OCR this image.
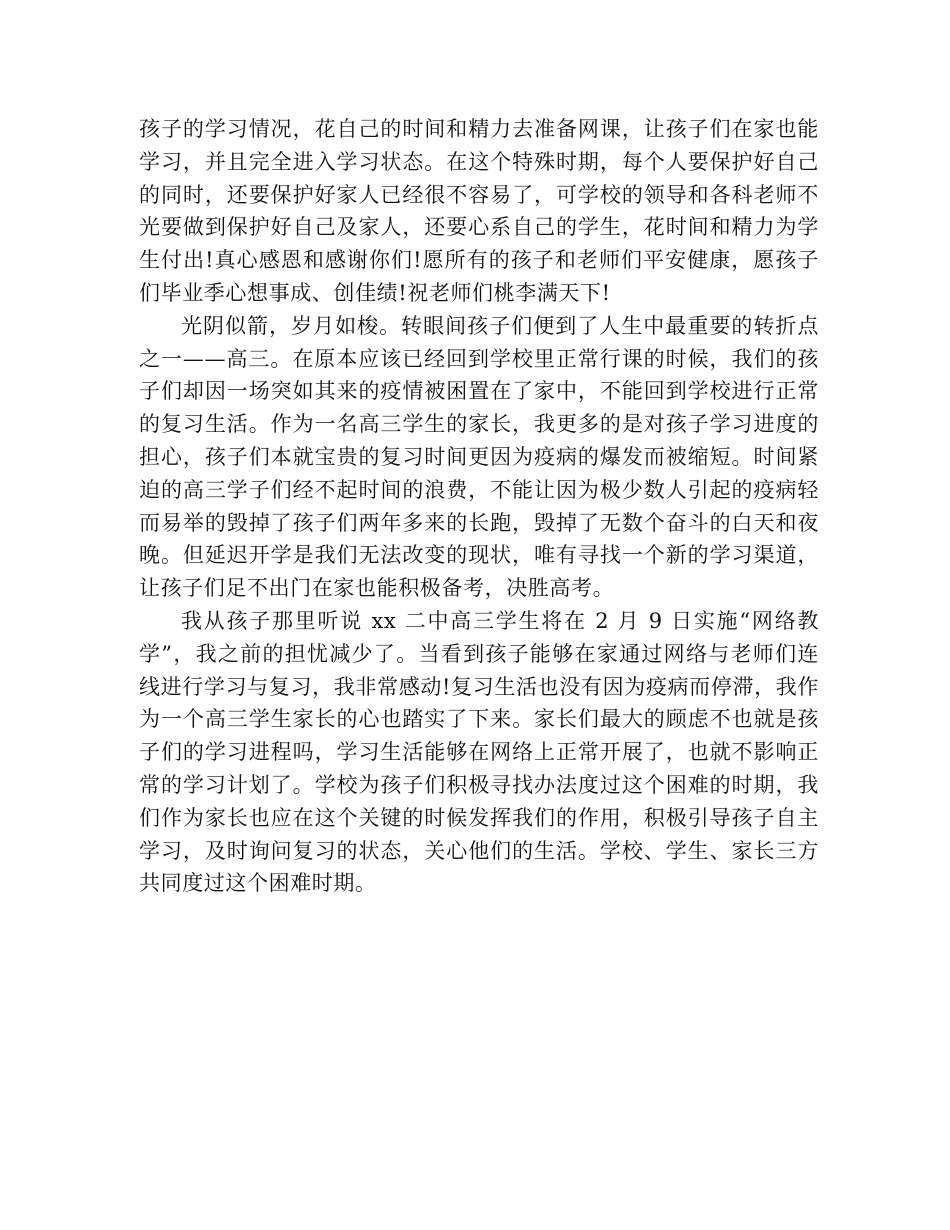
孩子的学习情况，花自己的时间和精力去准备网课，让孩子们在家也能学习，并且完全进入学习状态。在这个特殊时期，每个人要保护好自己的同时，还要保护好家人已经很不容易了，可学校的领导和各科老师不光要做到保护好自己及家人，还要心系自己的学生，花时间和精力为学生付出!真心感恩和感谢你们!愿所有的孩子和老师们平安健康，愿孩子们毕业季心想事成、创佳绩!祝老师们桃李满天下!

光阴似箭，岁月如梭。转眼间孩子们便到了人生中最重要的转折点之一——高三。在原本应该已经回到学校里正常行课的时候，我们的孩子们却因一场突如其来的疫情被困置在了家中，不能回到学校进行正常的复习生活。作为一名高三学生的家长，我更多的是对孩子学习进度的担心，孩子们本就宝贵的复习时间更因为疫病的爆发而被缩短。时间紧迫的高三学子们经不起时间的浪费，不能让因为极少数人引起的疫病轻而易举的毁掉了孩子们两年多来的长跑，毁掉了无数个奋斗的白天和夜晚。但延迟开学是我们无法改变的现状，唯有寻找一个新的学习渠道，让孩子们足不出门在家也能积极备考，决胜高考。

我从孩子那里听说 xx 二中高三学生将在 2 月 9 日实施“网络教学”，我之前的担忧减少了。当看到孩子能够在家通过网络与老师们连线进行学习与复习，我非常感动!复习生活也没有因为疫病而停滞，我作为一个高三学生家长的心也踏实了下来。家长们最大的顾虑不也就是孩子们的学习进程吗，学习生活能够在网络上正常开展了，也就不影响正常的学习计划了。学校为孩子们积极寻找办法度过这个困难的时期，我们作为家长也应在这个关键的时候发挥我们的作用，积极引导孩子自主学习，及时询问复习的状态，关心他们的生活。学校、学生、家长三方共同度过这个困难时期。
